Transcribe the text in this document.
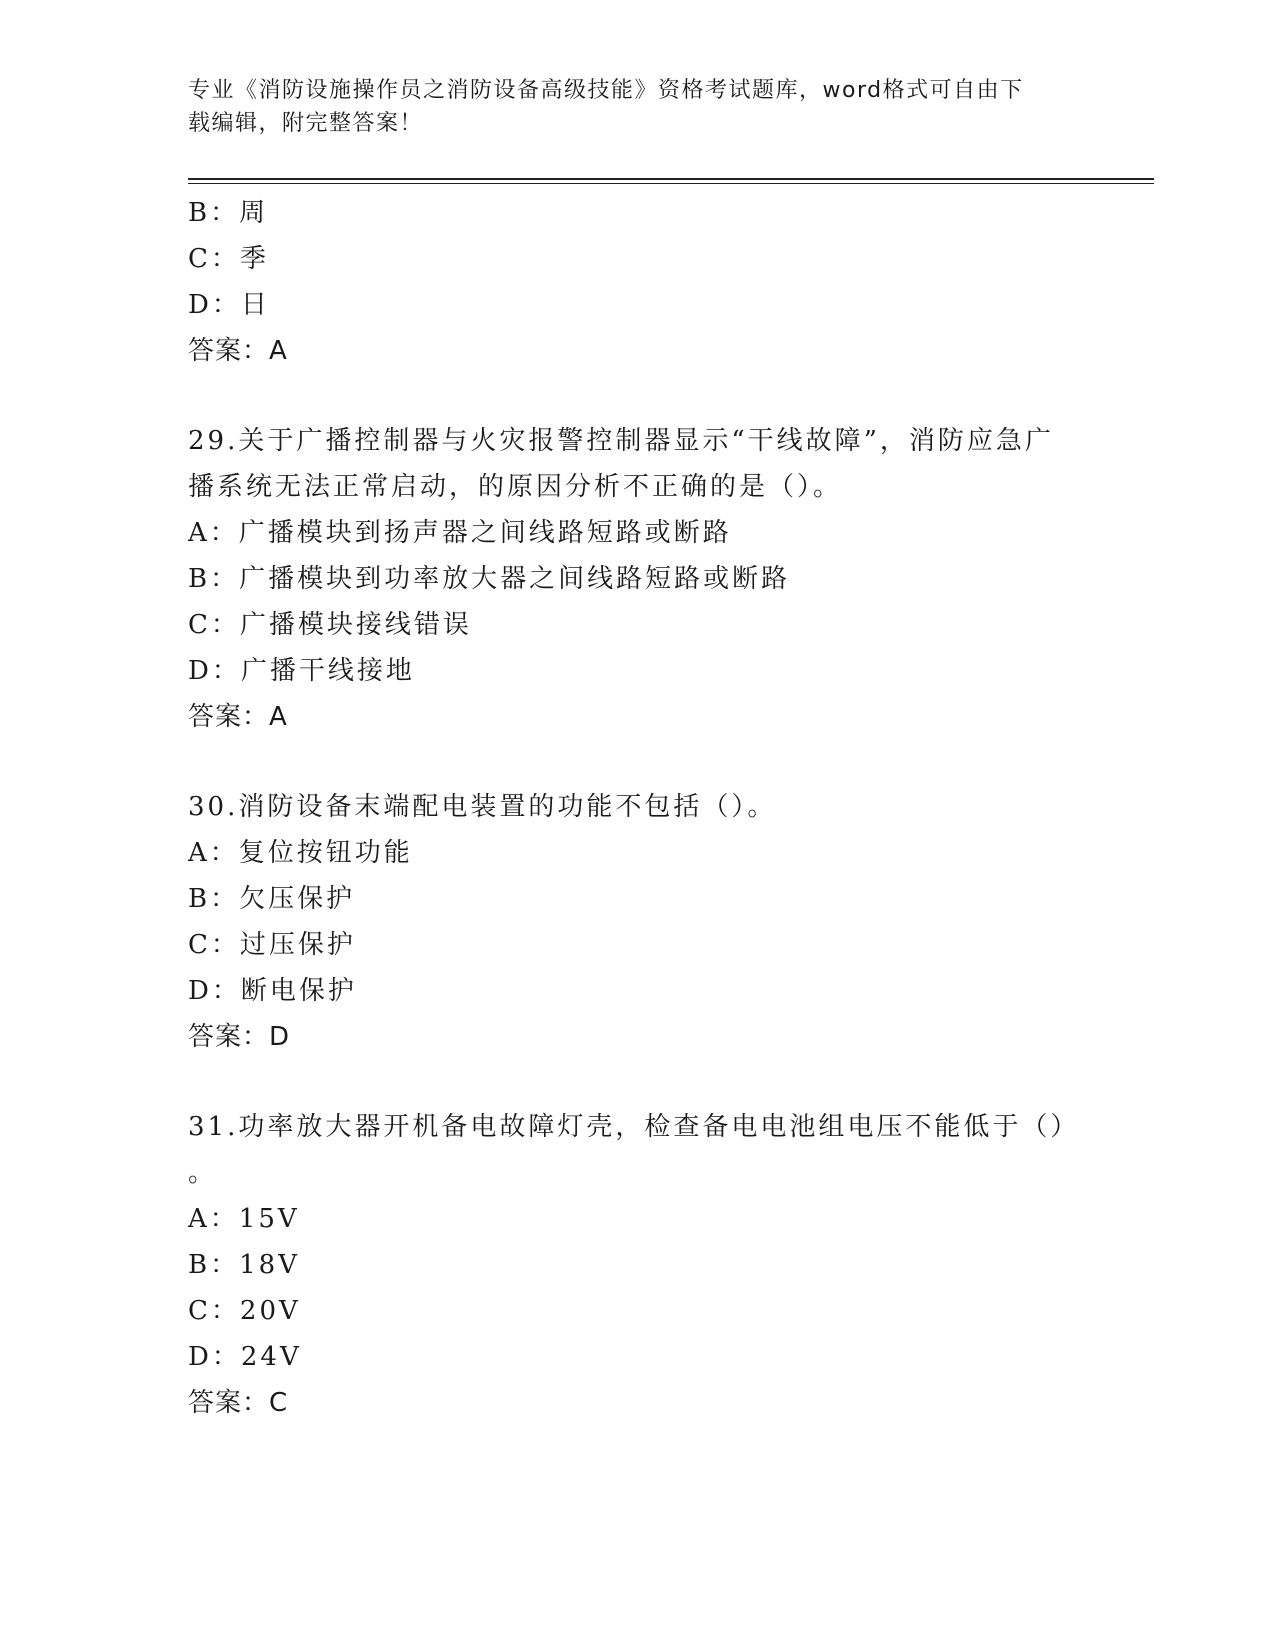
专业《消防设施操作员之消防设备高级技能》资格考试题库，word格式可自由下
载编辑，附完整答案！
B：周
C：季
D：日
答案：A
29.关于广播控制器与火灾报警控制器显示“干线故障”，消防应急广
播系统无法正常启动，的原因分析不正确的是（）。
A：广播模块到扬声器之间线路短路或断路
B：广播模块到功率放大器之间线路短路或断路
C：广播模块接线错误
D：广播干线接地
答案：A
30.消防设备末端配电装置的功能不包括（）。
A：复位按钮功能
B：欠压保护
C：过压保护
D：断电保护
答案：D
31.功率放大器开机备电故障灯壳，检查备电电池组电压不能低于（）
。
A：15V
B：18V
C：20V
D：24V
答案：C
